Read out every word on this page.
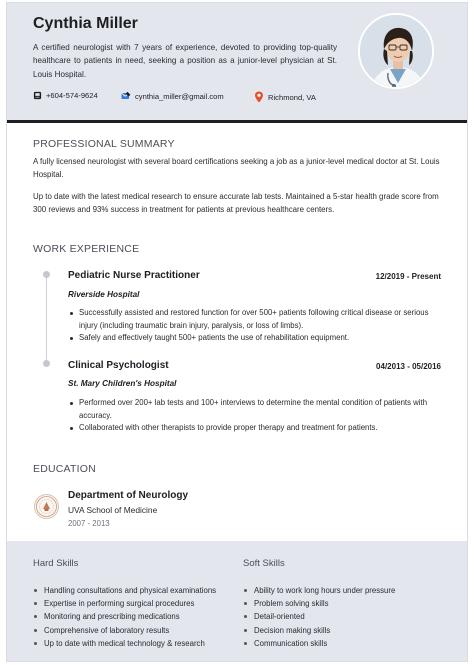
Cynthia Miller
A certified neurologist with 7 years of experience, devoted to providing top-quality healthcare to patients in need, seeking a position as a junior-level physician at St. Louis Hospital.
+604-574-9624	cynthia_miller@gmail.com	Richmond, VA
PROFESSIONAL SUMMARY
A fully licensed neurologist with several board certifications seeking a job as a junior-level medical doctor at St. Louis Hospital.
Up to date with the latest medical research to ensure accurate lab tests. Maintained a 5-star health grade score from 300 reviews and 93% success in treatment for patients at previous healthcare centers.
WORK EXPERIENCE
Pediatric Nurse Practitioner	12/2019 - Present
Riverside Hospital
Successfully assisted and restored function for over 500+ patients following critical disease or serious injury (including traumatic brain injury, paralysis, or loss of limbs).
Safely and effectively taught 500+ patients the use of rehabilitation equipment.
Clinical Psychologist	04/2013 - 05/2016
St. Mary Children's Hospital
Performed over 200+ lab tests and 100+ interviews to determine the mental condition of patients with accuracy.
Collaborated with other therapists to provide proper therapy and treatment for patients.
EDUCATION
Department of Neurology
UVA School of Medicine
2007 - 2013
Hard Skills
Handling consultations and physical examinations
Expertise in performing surgical procedures
Monitoring and prescribing medications
Comprehensive of laboratory results
Up to date with medical technology & research
Soft Skills
Ability to work long hours under pressure
Problem solving skills
Detail-oriented
Decision making skills
Communication skills
